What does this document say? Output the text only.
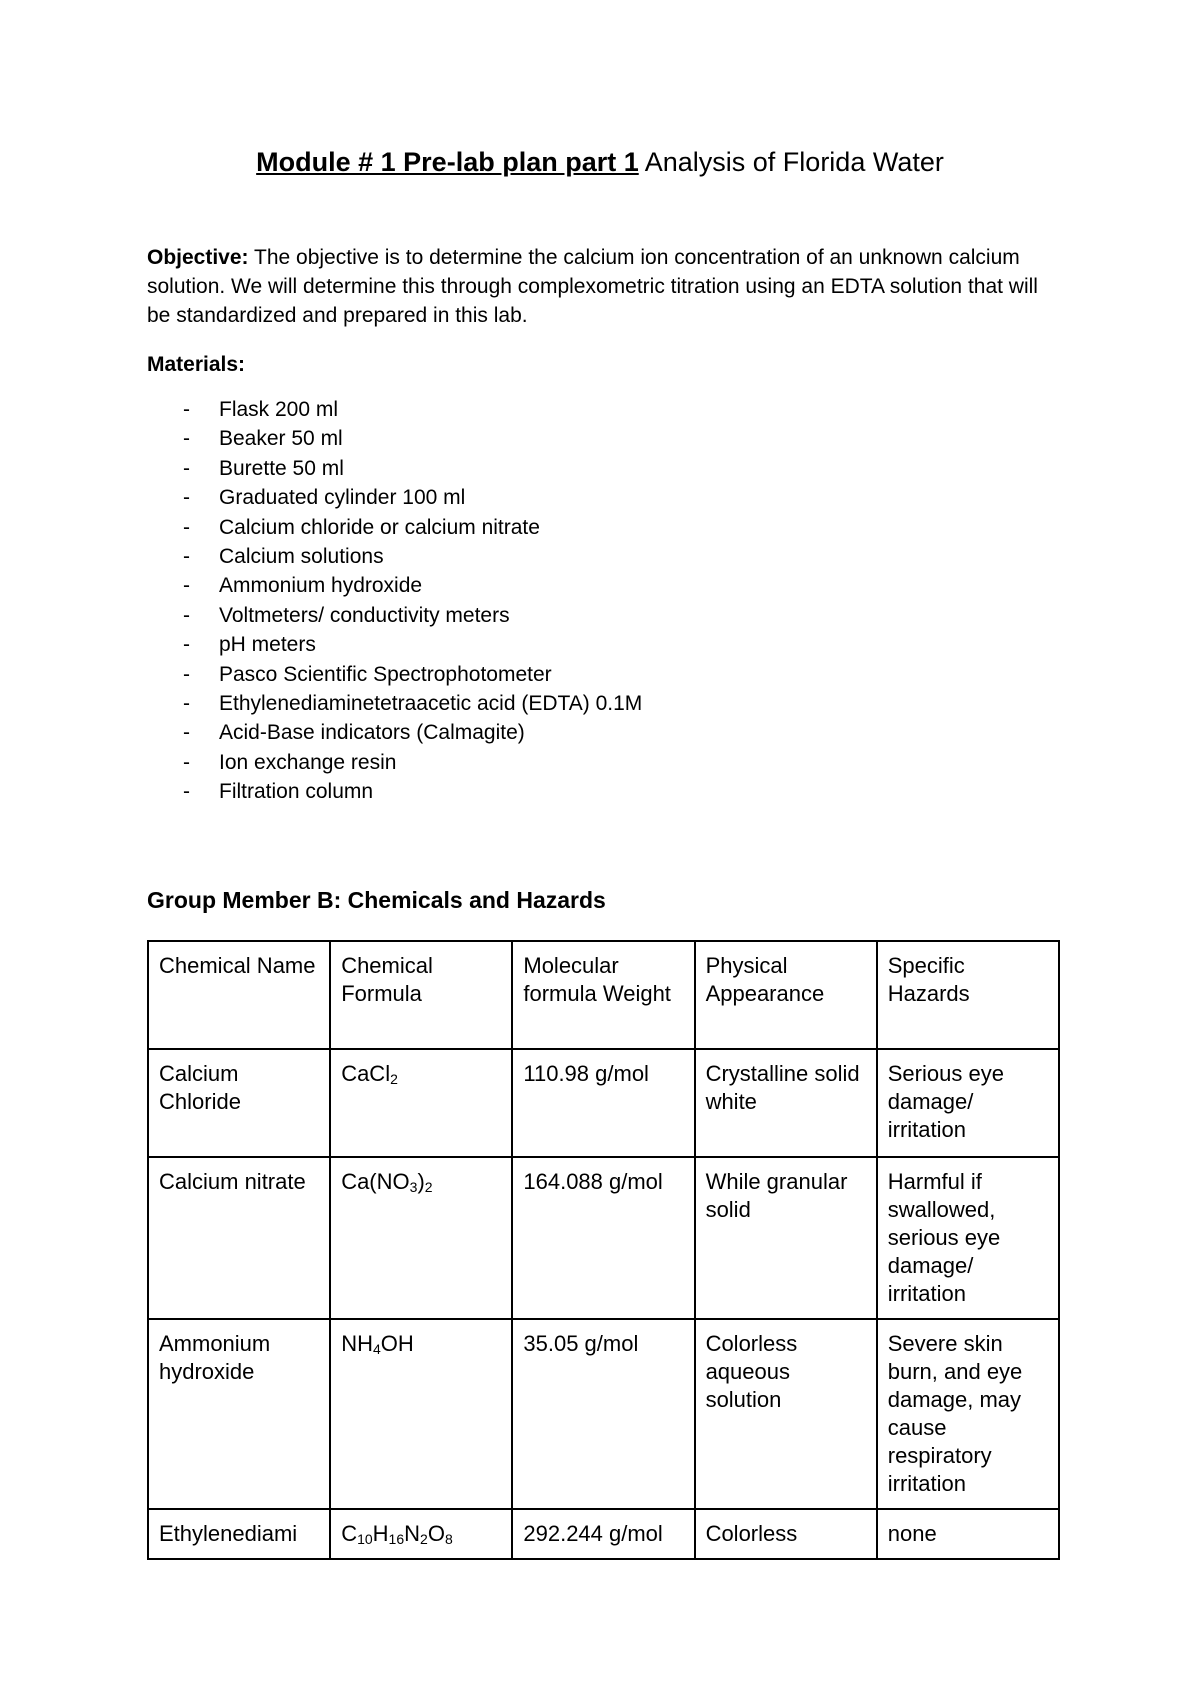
Module # 1 Pre-lab plan part 1 Analysis of Florida Water
Objective: The objective is to determine the calcium ion concentration of an unknown calcium solution. We will determine this through complexometric titration using an EDTA solution that will be standardized and prepared in this lab.
Materials:
- Flask 200 ml
- Beaker 50 ml
- Burette 50 ml
- Graduated cylinder 100 ml
- Calcium chloride or calcium nitrate
- Calcium solutions
- Ammonium hydroxide
- Voltmeters/ conductivity meters
- pH meters
- Pasco Scientific Spectrophotometer
- Ethylenediaminetetraacetic acid (EDTA) 0.1M
- Acid-Base indicators (Calmagite)
- Ion exchange resin
- Filtration column
Group Member B: Chemicals and Hazards
Chemical Name	Chemical Formula	Molecular formula Weight	Physical Appearance	Specific Hazards
Calcium Chloride	CaCl$_2$	110.98 g/mol	Crystalline solid white	Serious eye damage/ irritation
Calcium nitrate	$Ca(NO_3)_2$	164.088 g/mol	While granular solid	Harmful if swallowed, serious eye damage/ irritation
Ammonium hydroxide	$NH_4OH$	35.05 g/mol	Colorless aqueous solution	Severe skin burn, and eye damage, may cause respiratory irritation
Ethylenediami	$C_{10}H_{16}N_2O_8$	292.244 g/mol	Colorless	none
